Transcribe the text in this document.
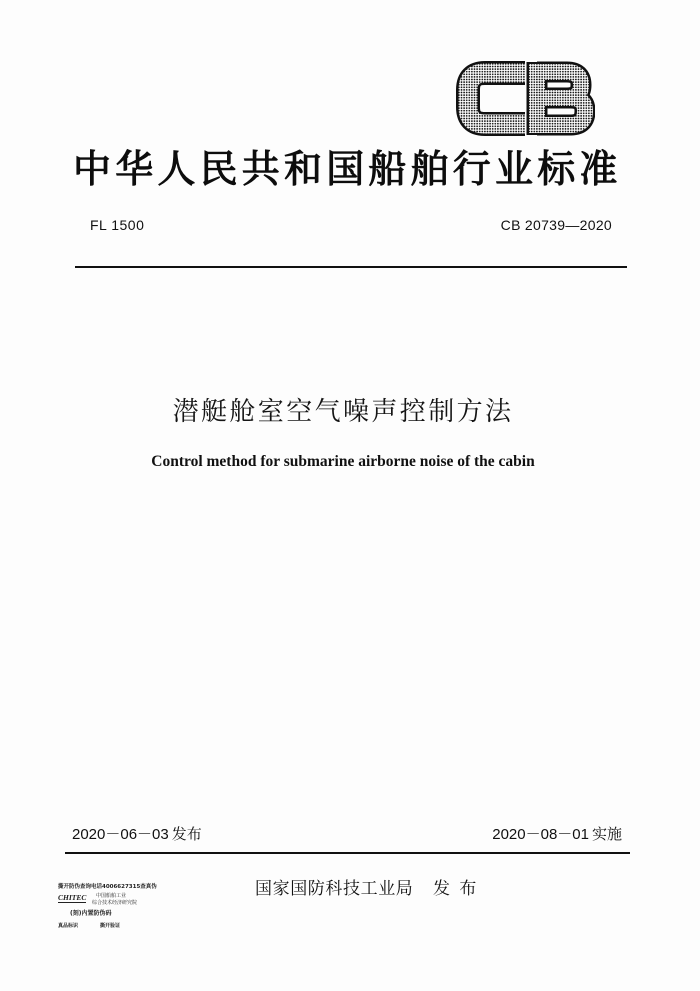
中华人民共和国船舶行业标准
FL 1500	CB 20739—2020
潜艇舱室空气噪声控制方法
Control method for submarine airborne noise of the cabin
2020－06－03 发布	2020－08－01 实施
国家国防科技工业局 发 布
撕开防伪查询电话4006627315查真伪
CHITEC 中国船舶工业
综合技术经济研究院
(刻)内置防伪码
真品标识	撕开验证
